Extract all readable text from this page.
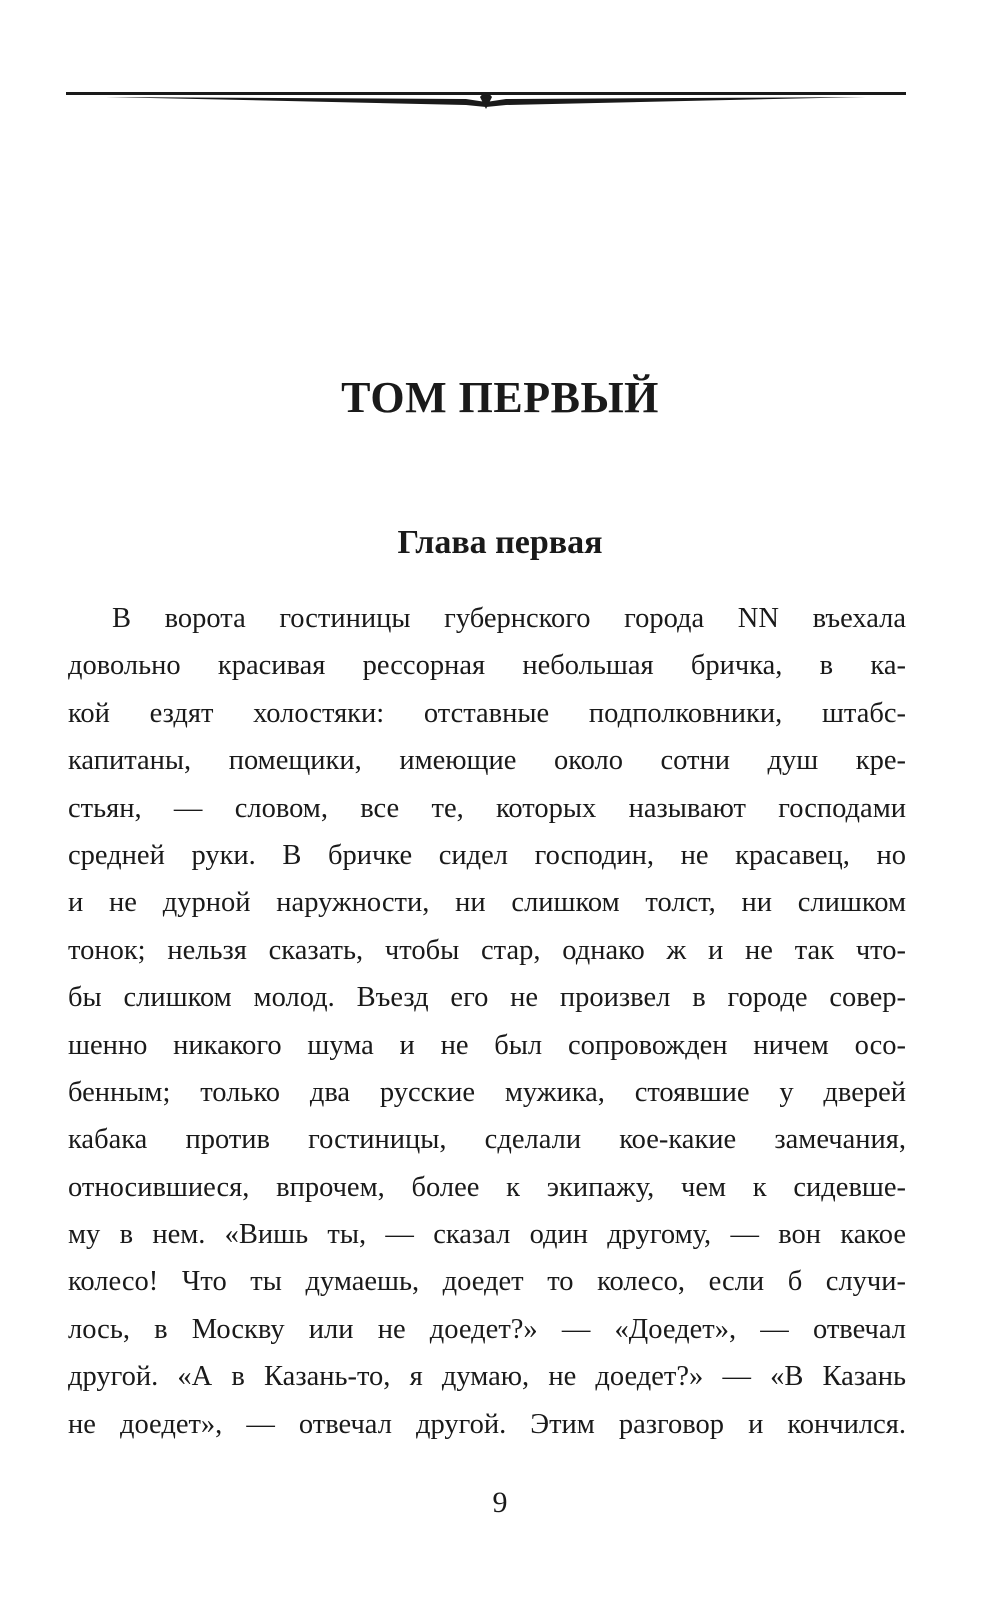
ТОМ ПЕРВЫЙ
Глава первая
В ворота гостиницы губернского города NN въехала
довольно красивая рессорная небольшая бричка, в ка-
кой ездят холостяки: отставные подполковники, штабс-
капитаны, помещики, имеющие около сотни душ кре-
стьян, — словом, все те, которых называют господами
средней руки. В бричке сидел господин, не красавец, но
и не дурной наружности, ни слишком толст, ни слишком
тонок; нельзя сказать, чтобы стар, однако ж и не так что-
бы слишком молод. Въезд его не произвел в городе совер-
шенно никакого шума и не был сопровожден ничем осо-
бенным; только два русские мужика, стоявшие у дверей
кабака против гостиницы, сделали кое-какие замечания,
относившиеся, впрочем, более к экипажу, чем к сидевше-
му в нем. «Вишь ты, — сказал один другому, — вон какое
колесо! Что ты думаешь, доедет то колесо, если б случи-
лось, в Москву или не доедет?» — «Доедет», — отвечал
другой. «А в Казань-то, я думаю, не доедет?» — «В Казань
не доедет», — отвечал другой. Этим разговор и кончился.
9
